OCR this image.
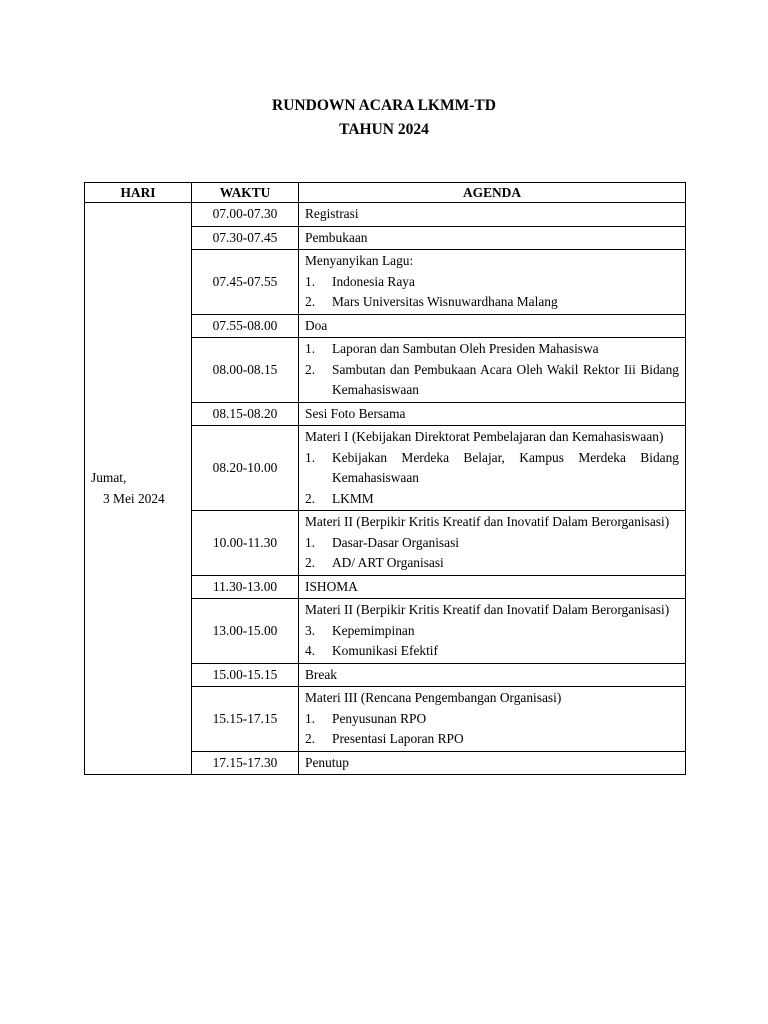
RUNDOWN ACARA LKMM-TD
TAHUN 2024
HARI	WAKTU	AGENDA

Jumat,
3 Mei 2024	07.00-07.30	Registrasi
	07.30-07.45	Pembukaan
	07.45-07.55	Menyanyikan Lagu:
1. Indonesia Raya
2. Mars Universitas Wisnuwardhana Malang

	07.55-08.00	Doa
	08.00-08.15	1. Laporan dan Sambutan Oleh Presiden Mahasiswa
2. Sambutan dan Pembukaan Acara Oleh Wakil Rektor Iii Bidang Kemahasiswaan

	08.15-08.20	Sesi Foto Bersama
	08.20-10.00	Materi I (Kebijakan Direktorat Pembelajaran dan Kemahasiswaan)
1. Kebijakan Merdeka Belajar, Kampus Merdeka Bidang Kemahasiswaan
2. LKMM

	10.00-11.30	Materi II (Berpikir Kritis Kreatif dan Inovatif Dalam Berorganisasi)
1. Dasar-Dasar Organisasi
2. AD/ ART Organisasi

	11.30-13.00	ISHOMA
	13.00-15.00	Materi II (Berpikir Kritis Kreatif dan Inovatif Dalam Berorganisasi)
3. Kepemimpinan
4. Komunikasi Efektif

	15.00-15.15	Break
	15.15-17.15	Materi III (Rencana Pengembangan Organisasi)
1. Penyusunan RPO
2. Presentasi Laporan RPO

	17.15-17.30	Penutup
